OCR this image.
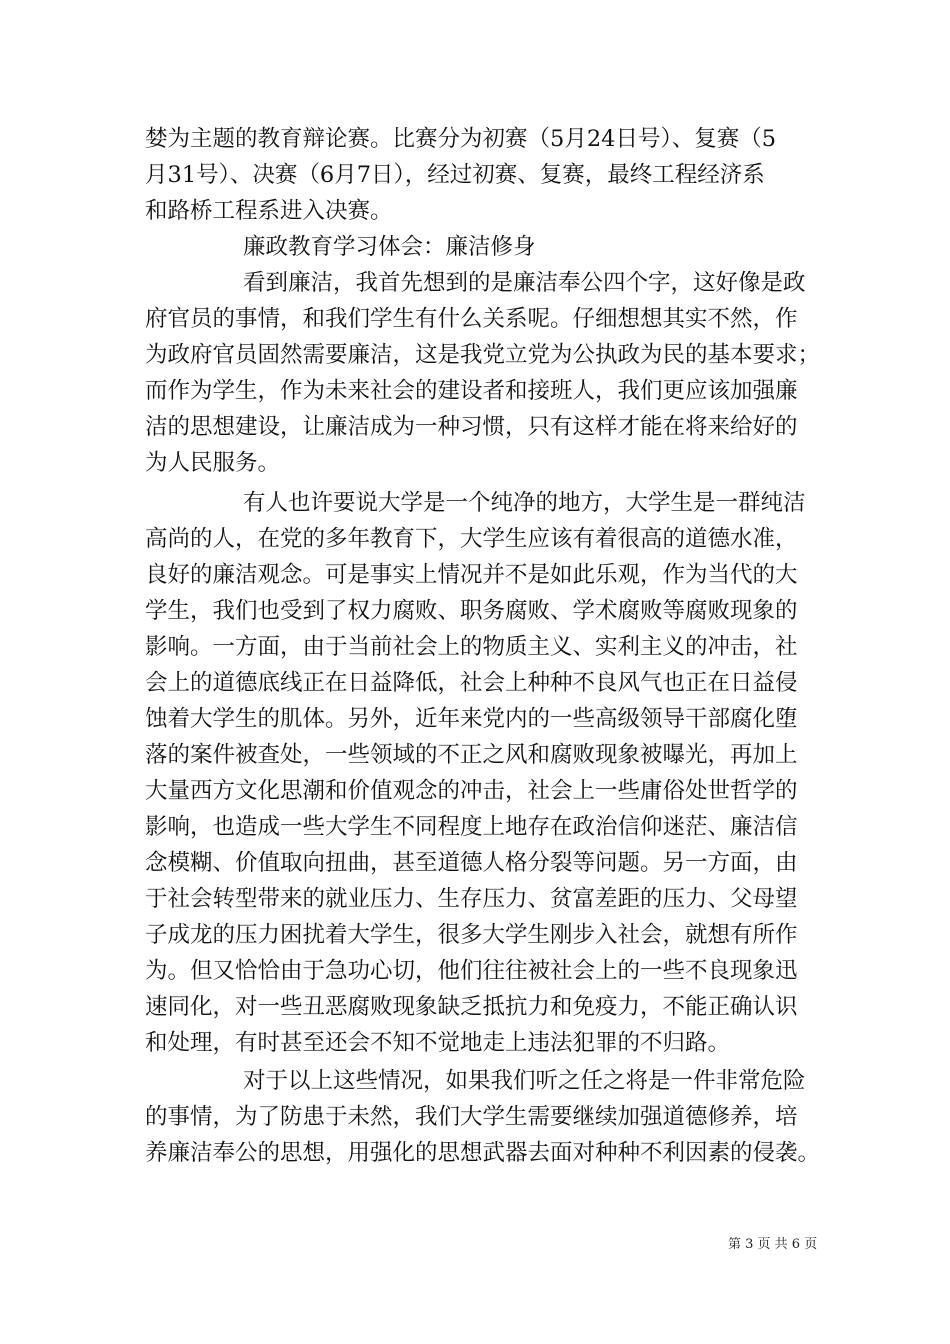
婪为主题的教育辩论赛。比赛分为初赛（5月24日号）、复赛（5
月31号）、决赛（6月7日），经过初赛、复赛，最终工程经济系
和路桥工程系进入决赛。
廉政教育学习体会：廉洁修身
看到廉洁，我首先想到的是廉洁奉公四个字，这好像是政
府官员的事情，和我们学生有什么关系呢。仔细想想其实不然，作
为政府官员固然需要廉洁，这是我党立党为公执政为民的基本要求；
而作为学生，作为未来社会的建设者和接班人，我们更应该加强廉
洁的思想建设，让廉洁成为一种习惯，只有这样才能在将来给好的
为人民服务。
有人也许要说大学是一个纯净的地方，大学生是一群纯洁
高尚的人，在党的多年教育下，大学生应该有着很高的道德水准，
良好的廉洁观念。可是事实上情况并不是如此乐观，作为当代的大
学生，我们也受到了权力腐败、职务腐败、学术腐败等腐败现象的
影响。一方面，由于当前社会上的物质主义、实利主义的冲击，社
会上的道德底线正在日益降低，社会上种种不良风气也正在日益侵
蚀着大学生的肌体。另外，近年来党内的一些高级领导干部腐化堕
落的案件被查处，一些领域的不正之风和腐败现象被曝光，再加上
大量西方文化思潮和价值观念的冲击，社会上一些庸俗处世哲学的
影响，也造成一些大学生不同程度上地存在政治信仰迷茫、廉洁信
念模糊、价值取向扭曲，甚至道德人格分裂等问题。另一方面，由
于社会转型带来的就业压力、生存压力、贫富差距的压力、父母望
子成龙的压力困扰着大学生，很多大学生刚步入社会，就想有所作
为。但又恰恰由于急功心切，他们往往被社会上的一些不良现象迅
速同化，对一些丑恶腐败现象缺乏抵抗力和免疫力，不能正确认识
和处理，有时甚至还会不知不觉地走上违法犯罪的不归路。
对于以上这些情况，如果我们听之任之将是一件非常危险
的事情，为了防患于未然，我们大学生需要继续加强道德修养，培
养廉洁奉公的思想，用强化的思想武器去面对种种不利因素的侵袭。
第 3 页 共 6 页
